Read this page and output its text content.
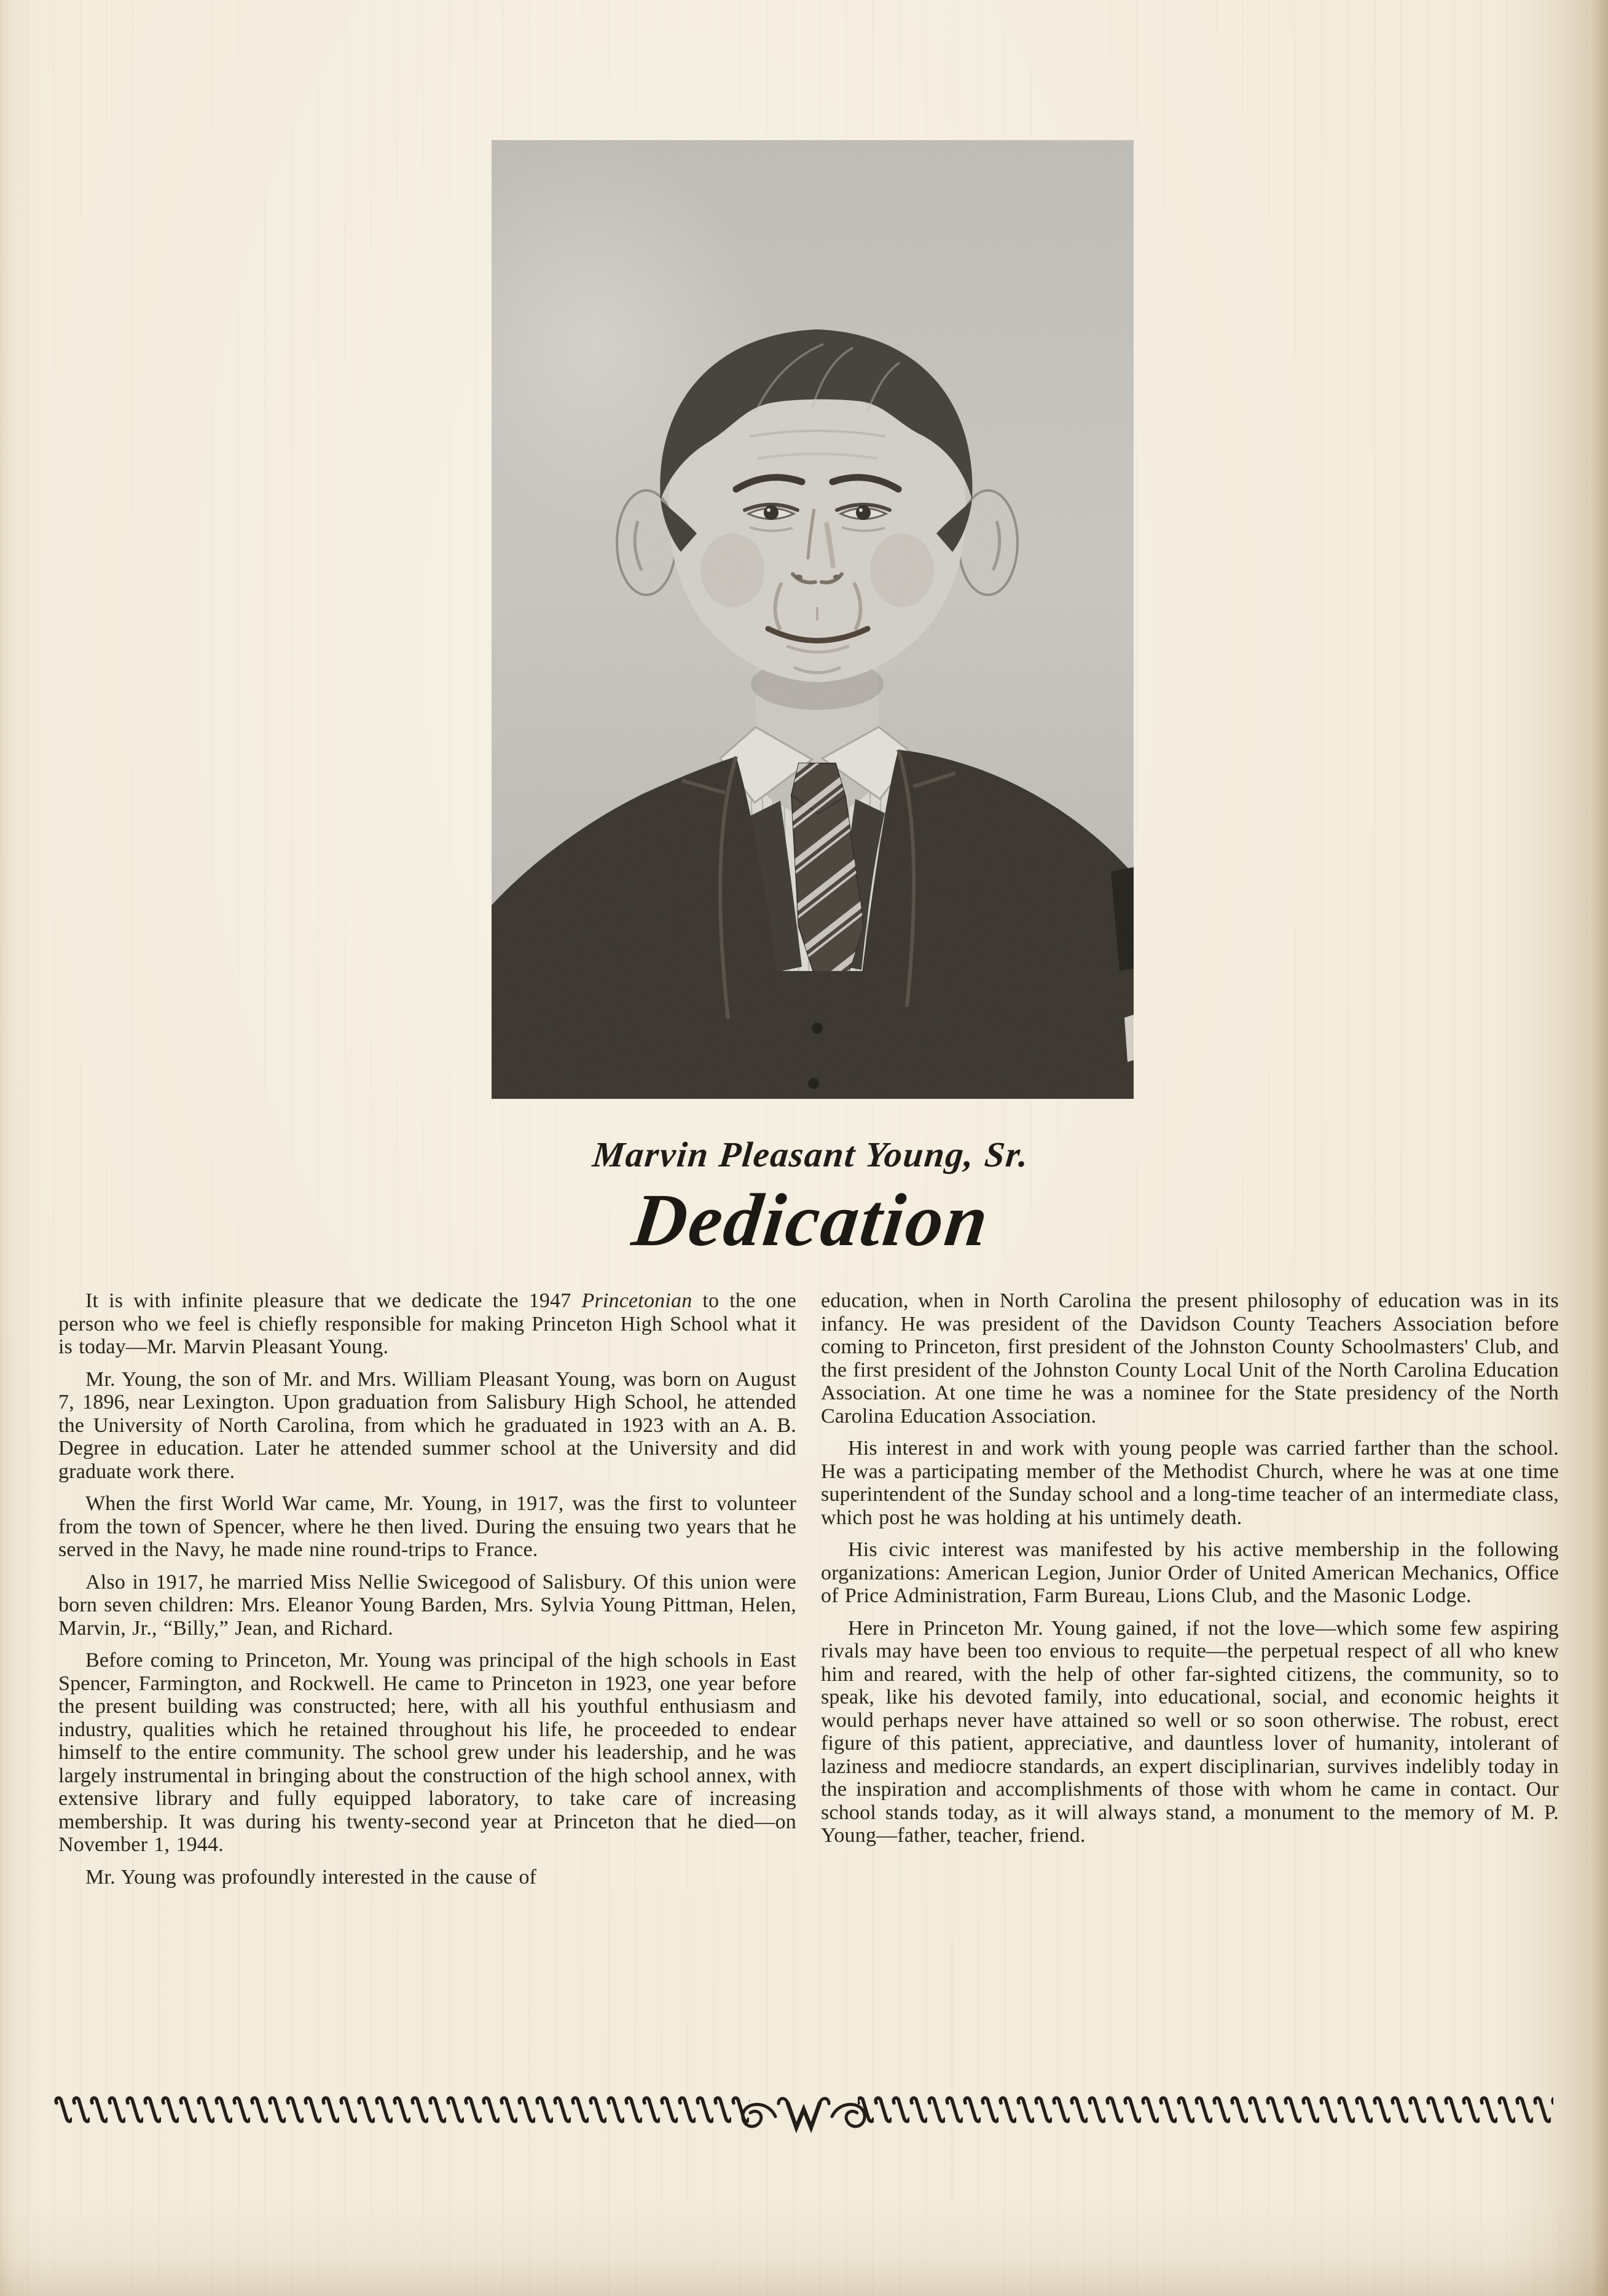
Marvin Pleasant Young, Sr.
Dedication

It is with infinite pleasure that we dedicate the 1947 Princetonian to the one person who we feel is chiefly responsible for making Princeton High School what it is today—Mr. Marvin Pleasant Young.

Mr. Young, the son of Mr. and Mrs. William Pleasant Young, was born on August 7, 1896, near Lexington. Upon graduation from Salisbury High School, he attended the University of North Carolina, from which he graduated in 1923 with an A. B. Degree in education. Later he attended summer school at the University and did graduate work there.

When the first World War came, Mr. Young, in 1917, was the first to volunteer from the town of Spencer, where he then lived. During the ensuing two years that he served in the Navy, he made nine round-trips to France.

Also in 1917, he married Miss Nellie Swicegood of Salisbury. Of this union were born seven children: Mrs. Eleanor Young Barden, Mrs. Sylvia Young Pittman, Helen, Marvin, Jr., “Billy,” Jean, and Richard.

Before coming to Princeton, Mr. Young was principal of the high schools in East Spencer, Farmington, and Rockwell. He came to Princeton in 1923, one year before the present building was constructed; here, with all his youthful enthusiasm and industry, qualities which he retained throughout his life, he proceeded to endear himself to the entire community. The school grew under his leadership, and he was largely instrumental in bringing about the construction of the high school annex, with extensive library and fully equipped laboratory, to take care of increasing membership. It was during his twenty-second year at Princeton that he died—on November 1, 1944.

Mr. Young was profoundly interested in the cause of

education, when in North Carolina the present philosophy of education was in its infancy. He was president of the Davidson County Teachers Association before coming to Princeton, first president of the Johnston County Schoolmasters' Club, and the first president of the Johnston County Local Unit of the North Carolina Education Association. At one time he was a nominee for the State presidency of the North Carolina Education Association.

His interest in and work with young people was carried farther than the school. He was a participating member of the Methodist Church, where he was at one time superintendent of the Sunday school and a long-time teacher of an intermediate class, which post he was holding at his untimely death.

His civic interest was manifested by his active membership in the following organizations: American Legion, Junior Order of United American Mechanics, Office of Price Administration, Farm Bureau, Lions Club, and the Masonic Lodge.

Here in Princeton Mr. Young gained, if not the love—which some few aspiring rivals may have been too envious to requite—the perpetual respect of all who knew him and reared, with the help of other far-sighted citizens, the community, so to speak, like his devoted family, into educational, social, and economic heights it would perhaps never have attained so well or so soon otherwise. The robust, erect figure of this patient, appreciative, and dauntless lover of humanity, intolerant of laziness and mediocre standards, an expert disciplinarian, survives indelibly today in the inspiration and accomplishments of those with whom he came in contact. Our school stands today, as it will always stand, a monument to the memory of M. P. Young—father, teacher, friend.
